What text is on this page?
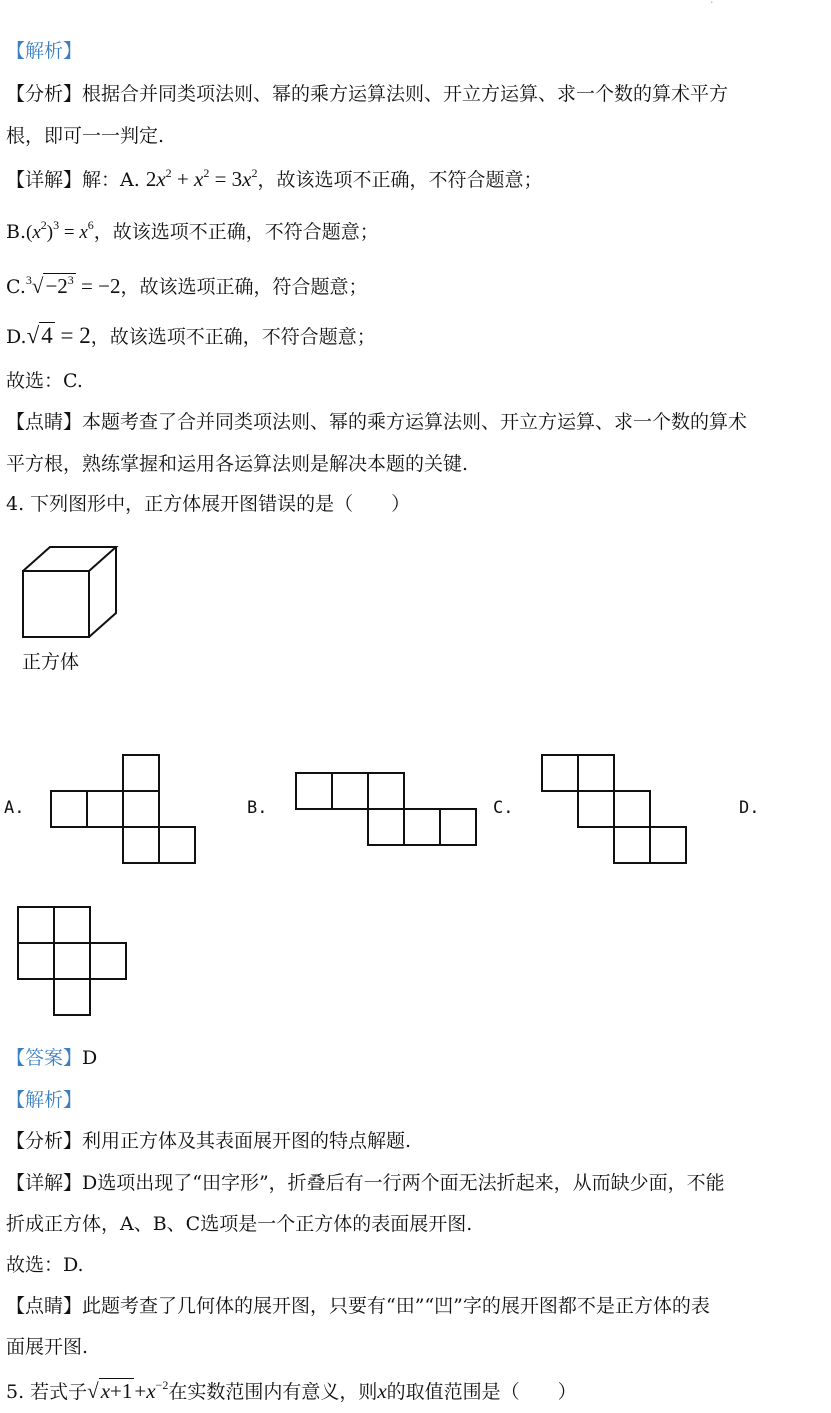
'
【解析】
【分析】根据合并同类项法则、幂的乘方运算法则、开立方运算、求一个数的算术平方
根，即可一一判定.
【详解】解：A. $2x^2 + x^2 = 3x^2$，故该选项不正确，不符合题意；
$B.(x^2)^3 = x^6$，故该选项不正确，不符合题意；
$C.^3√-2^3 = -2$，故该选项正确，符合题意；
D.√4 = 2，故该选项不正确，不符合题意；
故选：C.
【点睛】本题考查了合并同类项法则、幂的乘方运算法则、开立方运算、求一个数的算术
平方根，熟练掌握和运用各运算法则是解决本题的关键.
4. 下列图形中，正方体展开图错误的是（　　）
正方体
A.	B.	C.	D.
【答案】D
【解析】
【分析】利用正方体及其表面展开图的特点解题.
【详解】D选项出现了“田字形”，折叠后有一行两个面无法折起来，从而缺少面，不能
折成正方体，A、B、C选项是一个正方体的表面展开图.
故选：D.
【点睛】此题考查了几何体的展开图，只要有“田”“凹”字的展开图都不是正方体的表
面展开图.
5. 若式子$√x+1+x^{-2}$在实数范围内有意义，则x的取值范围是（　　）
